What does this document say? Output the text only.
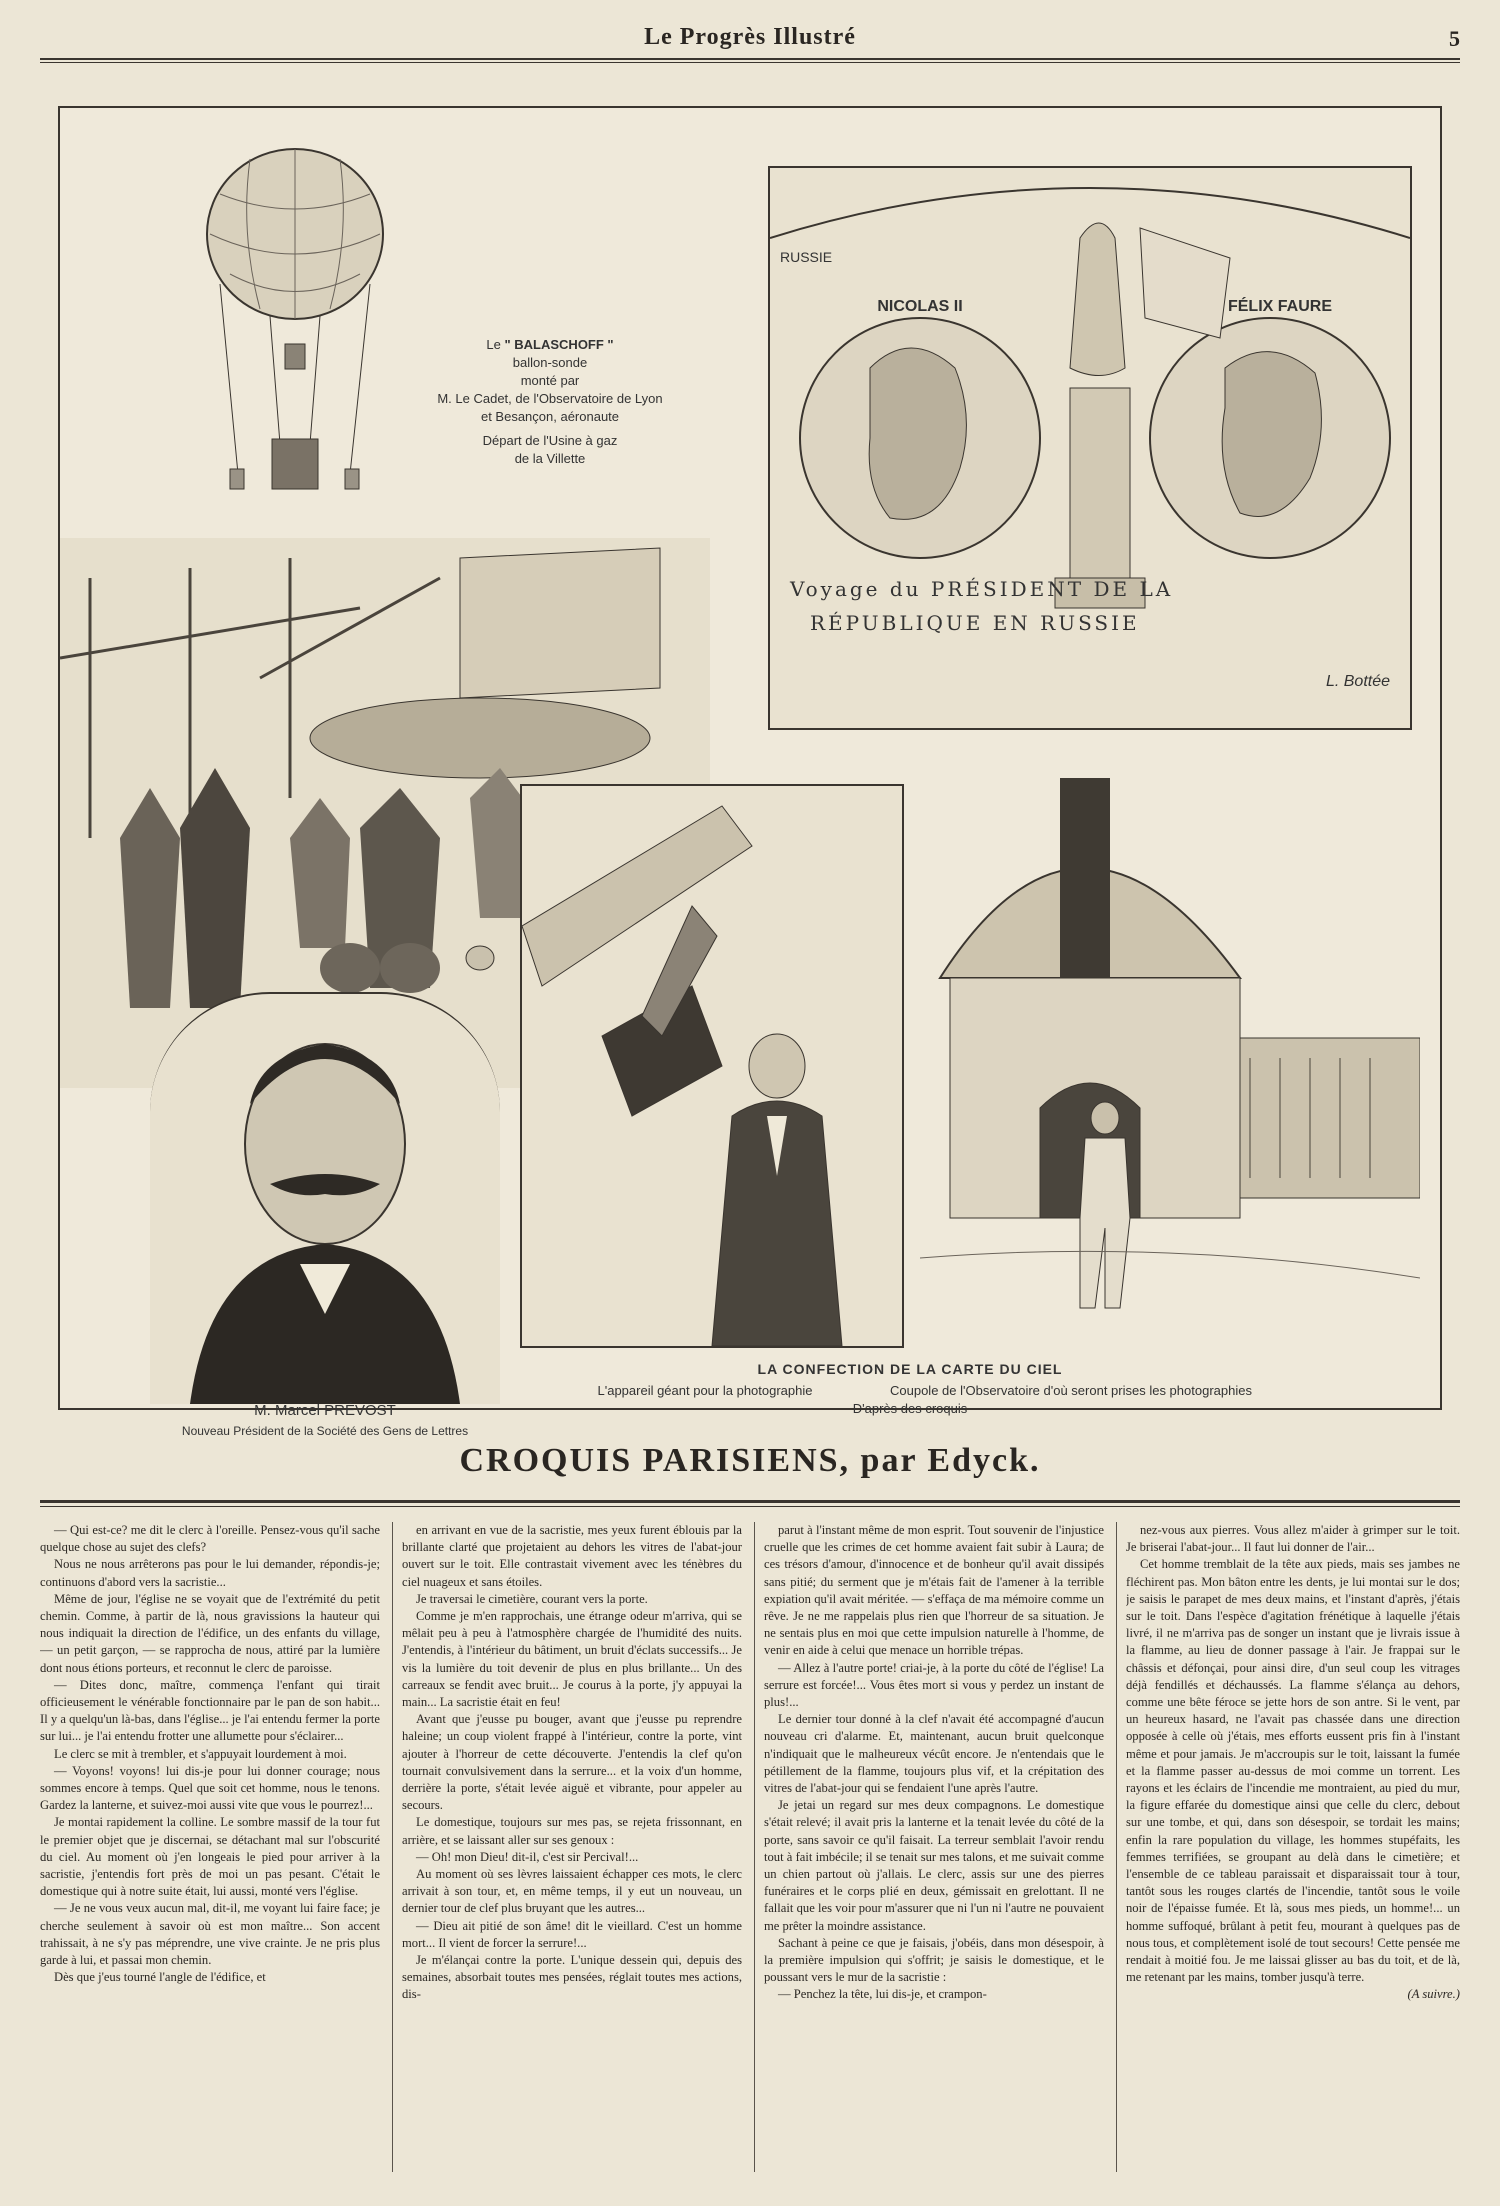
Le Progrès Illustré	5
Le " BALASCHOFF "
ballon-sonde
monté par
M. Le Cadet, de l'Observatoire de Lyon
et Besançon, aéronaute
Départ de l'Usine à gaz
de la Villette
RUSSIE
NICOLAS II	FÉLIX FAURE
Voyage du PRÉSIDENT DE LA
RÉPUBLIQUE EN RUSSIE
L. Bottée
M. Marcel PRÉVOST
Nouveau Président de la Société des Gens de Lettres
LA CONFECTION DE LA CARTE DU CIEL
L'appareil géant pour la photographie	Coupole de l'Observatoire d'où seront prises les photographies
D'après des croquis
CROQUIS PARISIENS, par Edyck.

— Qui est-ce? me dit le clerc à l'oreille. Pensez-vous qu'il sache quelque chose au sujet des clefs?

Nous ne nous arrêterons pas pour le lui demander, répondis-je; continuons d'abord vers la sacristie...

Même de jour, l'église ne se voyait que de l'extrémité du petit chemin. Comme, à partir de là, nous gravissions la hauteur qui nous indiquait la direction de l'édifice, un des enfants du village, — un petit garçon, — se rapprocha de nous, attiré par la lumière dont nous étions porteurs, et reconnut le clerc de paroisse.

— Dites donc, maître, commença l'enfant qui tirait officieusement le vénérable fonctionnaire par le pan de son habit... Il y a quelqu'un là-bas, dans l'église... je l'ai entendu fermer la porte sur lui... je l'ai entendu frotter une allumette pour s'éclairer...

Le clerc se mit à trembler, et s'appuyait lourdement à moi.

— Voyons! voyons! lui dis-je pour lui donner courage; nous sommes encore à temps. Quel que soit cet homme, nous le tenons. Gardez la lanterne, et suivez-moi aussi vite que vous le pourrez!...

Je montai rapidement la colline. Le sombre massif de la tour fut le premier objet que je discernai, se détachant mal sur l'obscurité du ciel. Au moment où j'en longeais le pied pour arriver à la sacristie, j'entendis fort près de moi un pas pesant. C'était le domestique qui à notre suite était, lui aussi, monté vers l'église.

— Je ne vous veux aucun mal, dit-il, me voyant lui faire face; je cherche seulement à savoir où est mon maître... Son accent trahissait, à ne s'y pas méprendre, une vive crainte. Je ne pris plus garde à lui, et passai mon chemin.

Dès que j'eus tourné l'angle de l'édifice, et

en arrivant en vue de la sacristie, mes yeux furent éblouis par la brillante clarté que projetaient au dehors les vitres de l'abat-jour ouvert sur le toit. Elle contrastait vivement avec les ténèbres du ciel nuageux et sans étoiles.

Je traversai le cimetière, courant vers la porte.

Comme je m'en rapprochais, une étrange odeur m'arriva, qui se mêlait peu à peu à l'atmosphère chargée de l'humidité des nuits. J'entendis, à l'intérieur du bâtiment, un bruit d'éclats successifs... Je vis la lumière du toit devenir de plus en plus brillante... Un des carreaux se fendit avec bruit... Je courus à la porte, j'y appuyai la main... La sacristie était en feu!

Avant que j'eusse pu bouger, avant que j'eusse pu reprendre haleine; un coup violent frappé à l'intérieur, contre la porte, vint ajouter à l'horreur de cette découverte. J'entendis la clef qu'on tournait convulsivement dans la serrure... et la voix d'un homme, derrière la porte, s'était levée aiguë et vibrante, pour appeler au secours.

Le domestique, toujours sur mes pas, se rejeta frissonnant, en arrière, et se laissant aller sur ses genoux :

— Oh! mon Dieu! dit-il, c'est sir Percival!...

Au moment où ses lèvres laissaient échapper ces mots, le clerc arrivait à son tour, et, en même temps, il y eut un nouveau, un dernier tour de clef plus bruyant que les autres...

— Dieu ait pitié de son âme! dit le vieillard. C'est un homme mort... Il vient de forcer la serrure!...

Je m'élançai contre la porte. L'unique dessein qui, depuis des semaines, absorbait toutes mes pensées, réglait toutes mes actions, dis-

parut à l'instant même de mon esprit. Tout souvenir de l'injustice cruelle que les crimes de cet homme avaient fait subir à Laura; de ces trésors d'amour, d'innocence et de bonheur qu'il avait dissipés sans pitié; du serment que je m'étais fait de l'amener à la terrible expiation qu'il avait méritée. — s'effaça de ma mémoire comme un rêve. Je ne me rappelais plus rien que l'horreur de sa situation. Je ne sentais plus en moi que cette impulsion naturelle à l'homme, de venir en aide à celui que menace un horrible trépas.

— Allez à l'autre porte! criai-je, à la porte du côté de l'église! La serrure est forcée!... Vous êtes mort si vous y perdez un instant de plus!...

Le dernier tour donné à la clef n'avait été accompagné d'aucun nouveau cri d'alarme. Et, maintenant, aucun bruit quelconque n'indiquait que le malheureux vécût encore. Je n'entendais que le pétillement de la flamme, toujours plus vif, et la crépitation des vitres de l'abat-jour qui se fendaient l'une après l'autre.

Je jetai un regard sur mes deux compagnons. Le domestique s'était relevé; il avait pris la lanterne et la tenait levée du côté de la porte, sans savoir ce qu'il faisait. La terreur semblait l'avoir rendu tout à fait imbécile; il se tenait sur mes talons, et me suivait comme un chien partout où j'allais. Le clerc, assis sur une des pierres funéraires et le corps plié en deux, gémissait en grelottant. Il ne fallait que les voir pour m'assurer que ni l'un ni l'autre ne pouvaient me prêter la moindre assistance.

Sachant à peine ce que je faisais, j'obéis, dans mon désespoir, à la première impulsion qui s'offrit; je saisis le domestique, et le poussant vers le mur de la sacristie :

— Penchez la tête, lui dis-je, et crampon-

nez-vous aux pierres. Vous allez m'aider à grimper sur le toit. Je briserai l'abat-jour... Il faut lui donner de l'air...

Cet homme tremblait de la tête aux pieds, mais ses jambes ne fléchirent pas. Mon bâton entre les dents, je lui montai sur le dos; je saisis le parapet de mes deux mains, et l'instant d'après, j'étais sur le toit. Dans l'espèce d'agitation frénétique à laquelle j'étais livré, il ne m'arriva pas de songer un instant que je livrais issue à la flamme, au lieu de donner passage à l'air. Je frappai sur le châssis et défonçai, pour ainsi dire, d'un seul coup les vitrages déjà fendillés et déchaussés. La flamme s'élança au dehors, comme une bête féroce se jette hors de son antre. Si le vent, par un heureux hasard, ne l'avait pas chassée dans une direction opposée à celle où j'étais, mes efforts eussent pris fin à l'instant même et pour jamais. Je m'accroupis sur le toit, laissant la fumée et la flamme passer au-dessus de moi comme un torrent. Les rayons et les éclairs de l'incendie me montraient, au pied du mur, la figure effarée du domestique ainsi que celle du clerc, debout sur une tombe, et qui, dans son désespoir, se tordait les mains; enfin la rare population du village, les hommes stupéfaits, les femmes terrifiées, se groupant au delà dans le cimetière; et l'ensemble de ce tableau paraissait et disparaissait tour à tour, tantôt sous les rouges clartés de l'incendie, tantôt sous le voile noir de l'épaisse fumée. Et là, sous mes pieds, un homme!... un homme suffoqué, brûlant à petit feu, mourant à quelques pas de nous tous, et complètement isolé de tout secours! Cette pensée me rendait à moitié fou. Je me laissai glisser au bas du toit, et de là, me retenant par les mains, tomber jusqu'à terre.

(A suivre.)
